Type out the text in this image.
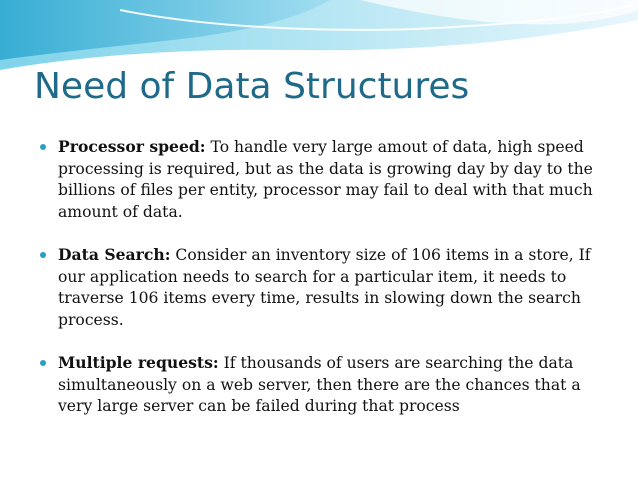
Need of Data Structures
Processor speed: To handle very large amout of data, high speed processing is required, but as the data is growing day by day to the billions of files per entity, processor may fail to deal with that much amount of data.
Data Search: Consider an inventory size of 106 items in a store, If our application needs to search for a particular item, it needs to traverse 106 items every time, results in slowing down the search process.
Multiple requests: If thousands of users are searching the data simultaneously on a web server, then there are the chances that a very large server can be failed during that process
